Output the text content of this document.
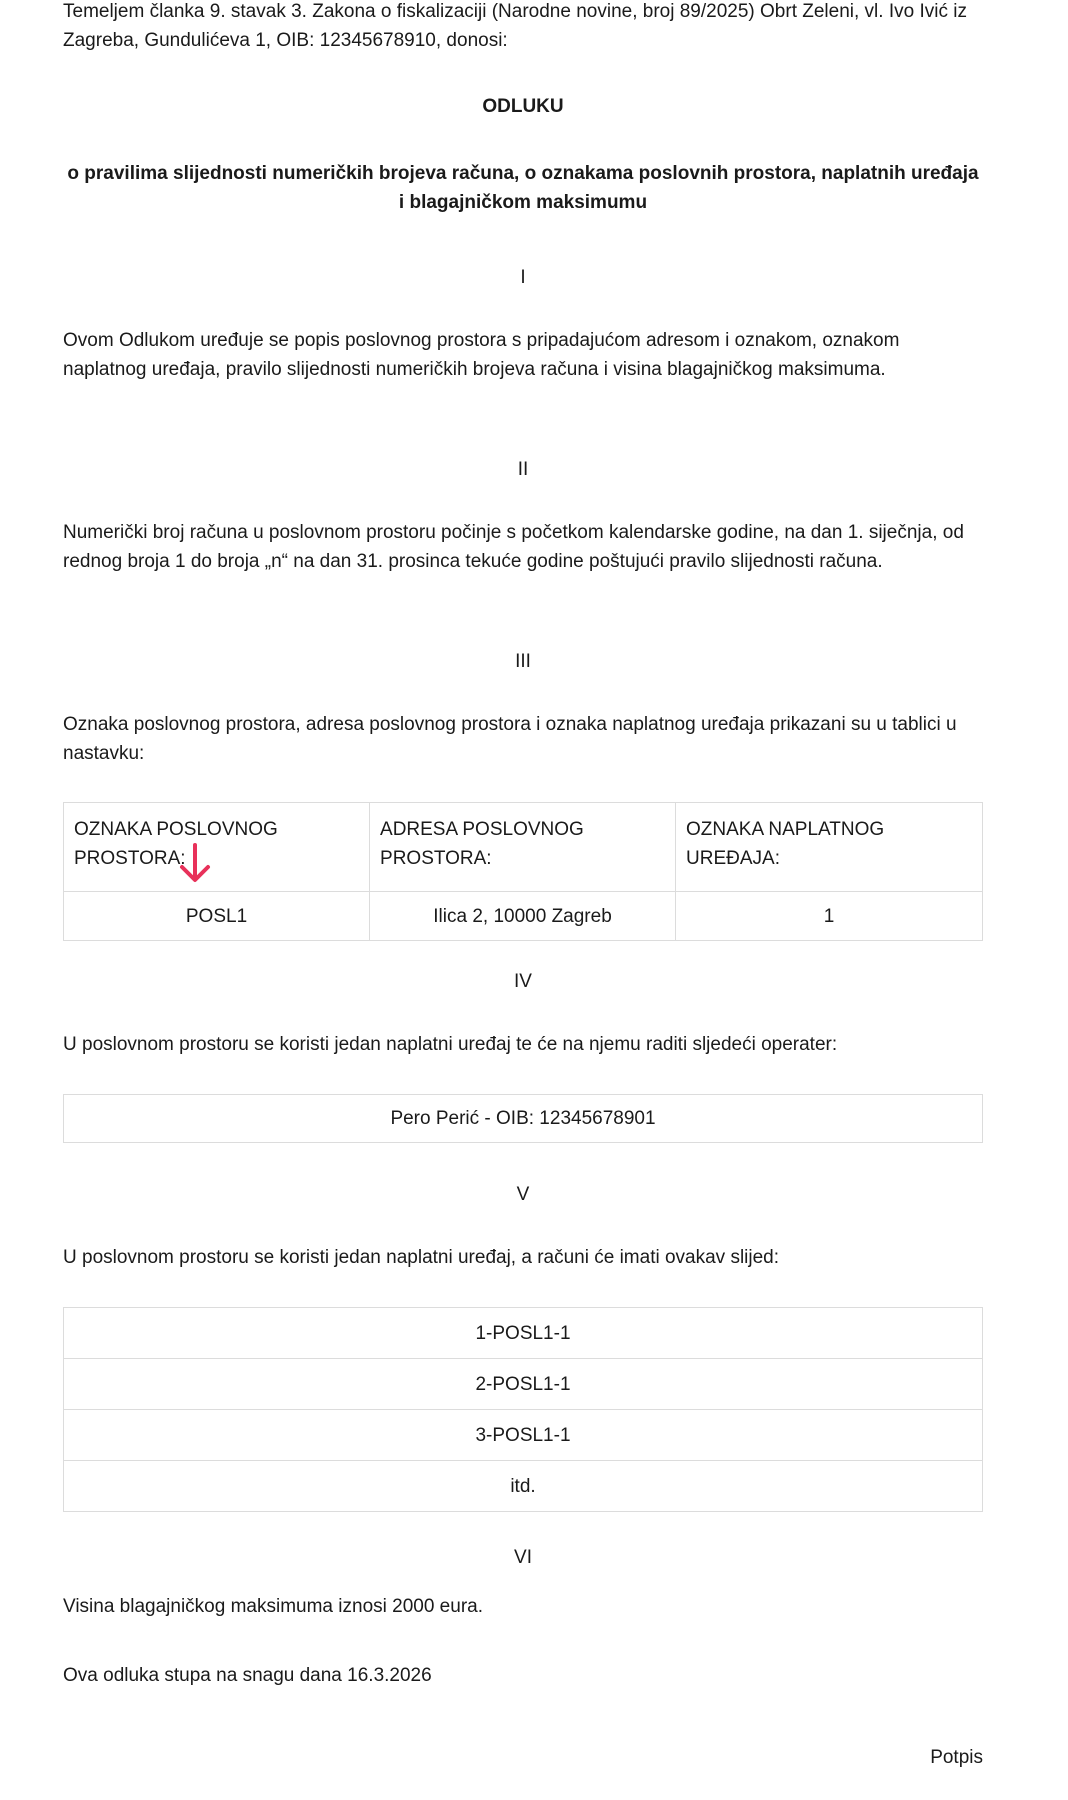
Temeljem članka 9. stavak 3. Zakona o fiskalizaciji (Narodne novine, broj 89/2025) Obrt Zeleni, vl. Ivo Ivić iz Zagreba, Gundulićeva 1, OIB: 12345678910, donosi:

ODLUKU

o pravilima slijednosti numeričkih brojeva računa, o oznakama poslovnih prostora, naplatnih uređaja i blagajničkom maksimumu

I

Ovom Odlukom uređuje se popis poslovnog prostora s pripadajućom adresom i oznakom, oznakom naplatnog uređaja, pravilo slijednosti numeričkih brojeva računa i visina blagajničkog maksimuma.

II

Numerički broj računa u poslovnom prostoru počinje s početkom kalendarske godine, na dan 1. siječnja, od rednog broja 1 do broja „n“ na dan 31. prosinca tekuće godine poštujući pravilo slijednosti računa.

III

Oznaka poslovnog prostora, adresa poslovnog prostora i oznaka naplatnog uređaja prikazani su u tablici u nastavku:

OZNAKA POSLOVNOG PROSTORA:	ADRESA POSLOVNOG PROSTORA:	OZNAKA NAPLATNOG UREĐAJA:
POSL1	Ilica 2, 10000 Zagreb	1

IV

U poslovnom prostoru se koristi jedan naplatni uređaj te će na njemu raditi sljedeći operater:

Pero Perić - OIB: 12345678901

V

U poslovnom prostoru se koristi jedan naplatni uređaj, a računi će imati ovakav slijed:

1-POSL1-1
2-POSL1-1
3-POSL1-1
itd.

VI

Visina blagajničkog maksimuma iznosi 2000 eura.

Ova odluka stupa na snagu dana 16.3.2026

Potpis
